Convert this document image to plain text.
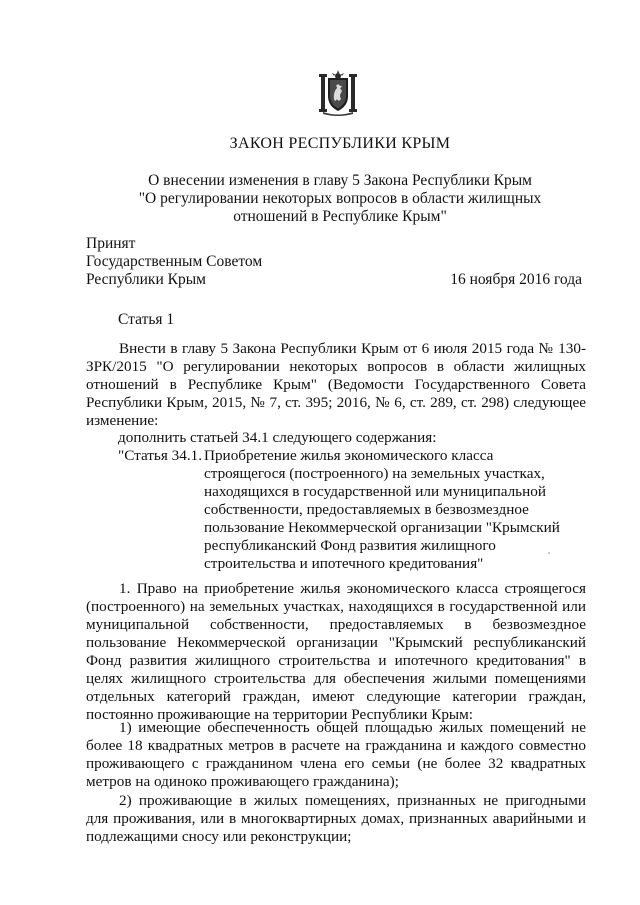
ЗАКОН РЕСПУБЛИКИ КРЫМ
О внесении изменения в главу 5 Закона Республики Крым
"О регулировании некоторых вопросов в области жилищных
отношений в Республике Крым"
Принят
Государственным Советом
Республики Крым	16 ноября 2016 года
Статья 1
Внести в главу 5 Закона Республики Крым от 6 июля 2015 года № 130-ЗРК/2015 "О регулировании некоторых вопросов в области жилищных отношений в Республике Крым" (Ведомости Государственного Совета Республики Крым, 2015, № 7, ст. 395; 2016, № 6, ст. 289, ст. 298) следующее изменение:
дополнить статьей 34.1 следующего содержания:
"Статья 34.1. Приобретение жилья экономического класса
строящегося (построенного) на земельных участках,
находящихся в государственной или муниципальной
собственности, предоставляемых в безвозмездное
пользование Некоммерческой организации "Крымский
республиканский Фонд развития жилищного
строительства и ипотечного кредитования"
1. Право на приобретение жилья экономического класса строящегося (построенного) на земельных участках, находящихся в государственной или муниципальной собственности, предоставляемых в безвозмездное пользование Некоммерческой организации "Крымский республиканский Фонд развития жилищного строительства и ипотечного кредитования" в целях жилищного строительства для обеспечения жилыми помещениями отдельных категорий граждан, имеют следующие категории граждан, постоянно проживающие на территории Республики Крым:
1) имеющие обеспеченность общей площадью жилых помещений не более 18 квадратных метров в расчете на гражданина и каждого совместно проживающего с гражданином члена его семьи (не более 32 квадратных метров на одиноко проживающего гражданина);
2) проживающие в жилых помещениях, признанных не пригодными для проживания, или в многоквартирных домах, признанных аварийными и подлежащими сносу или реконструкции;
